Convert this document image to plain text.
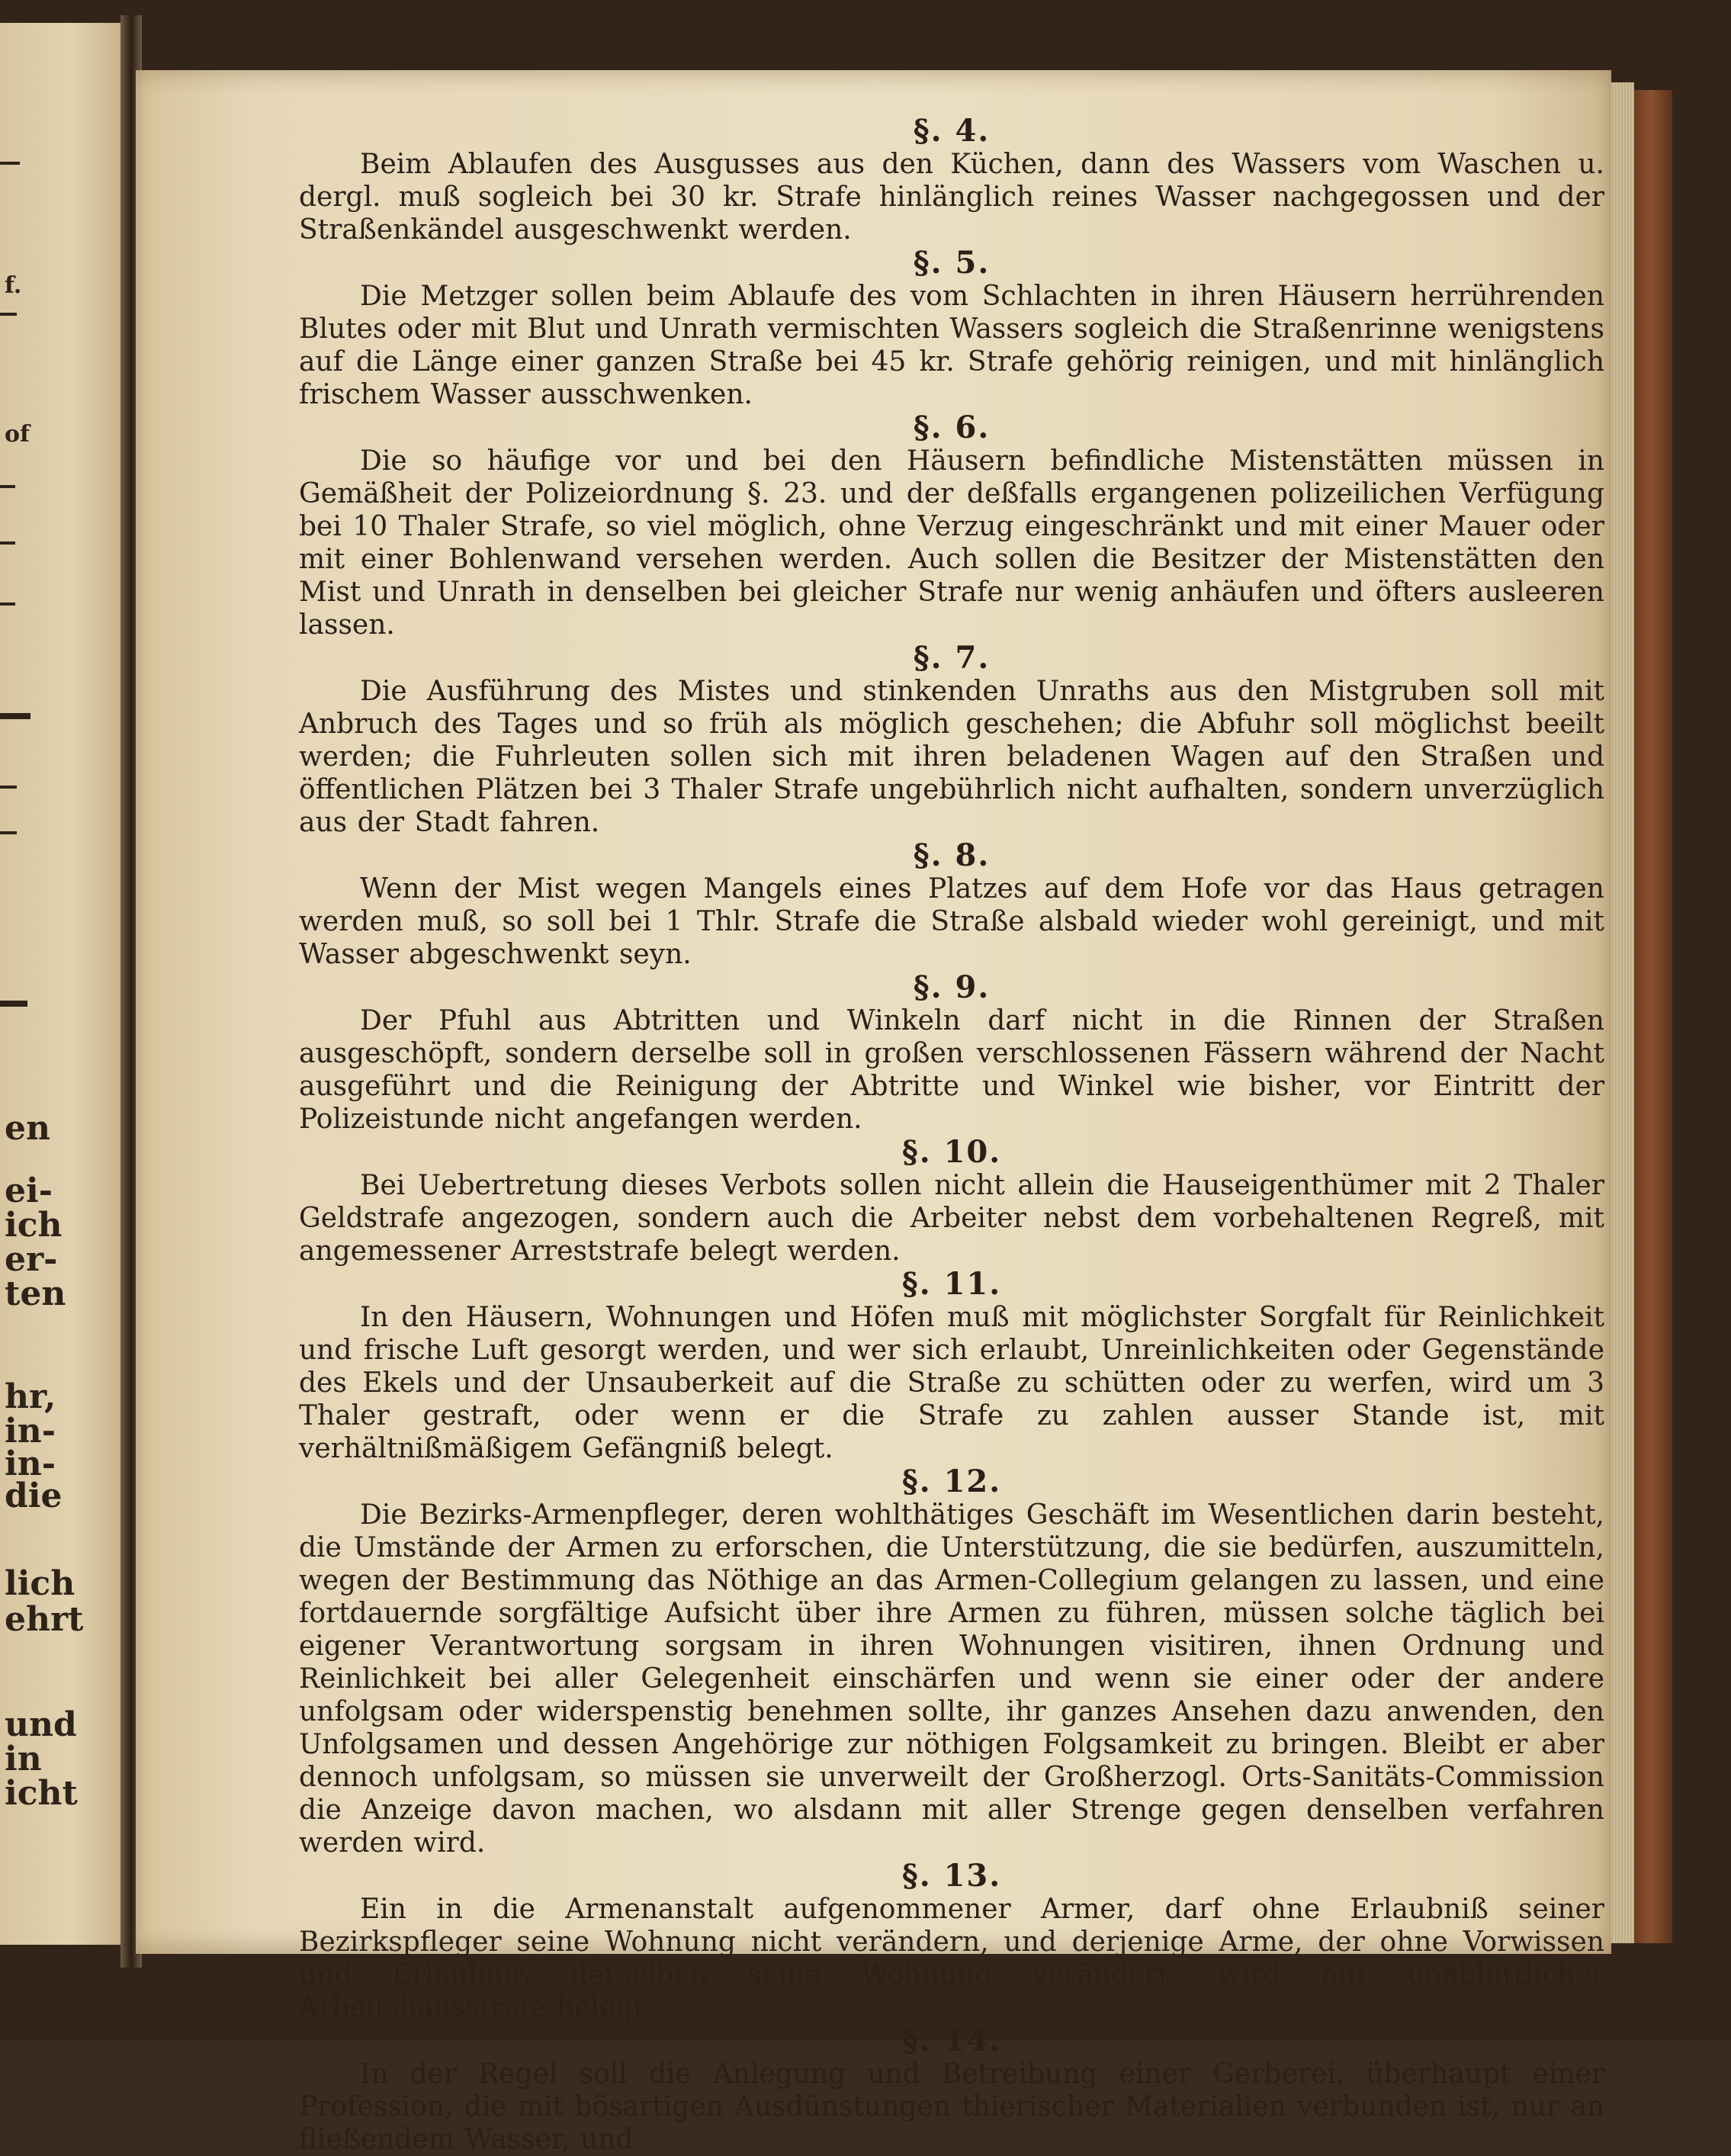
f.
of
en
ei-
ich
er-
ten
hr,
in-
in-
die
lich
ehrt
und
in
icht
§. 4.

Beim Ablaufen des Ausgusses aus den Küchen, dann des Wassers vom Waschen u. dergl. muß sogleich bei 30 kr. Strafe hinlänglich reines Wasser nachgegossen und der Straßenkändel ausgeschwenkt werden.

§. 5.

Die Metzger sollen beim Ablaufe des vom Schlachten in ihren Häusern herrührenden Blutes oder mit Blut und Unrath vermischten Wassers sogleich die Straßenrinne wenigstens auf die Länge einer ganzen Straße bei 45 kr. Strafe gehörig reinigen, und mit hinlänglich frischem Wasser ausschwenken.

§. 6.

Die so häufige vor und bei den Häusern befindliche Mistenstätten müssen in Gemäßheit der Polizeiordnung §. 23. und der deßfalls ergangenen polizeilichen Verfügung bei 10 Thaler Strafe, so viel möglich, ohne Verzug eingeschränkt und mit einer Mauer oder mit einer Bohlenwand versehen werden. Auch sollen die Besitzer der Mistenstätten den Mist und Unrath in denselben bei gleicher Strafe nur wenig anhäufen und öfters ausleeren lassen.

§. 7.

Die Ausführung des Mistes und stinkenden Unraths aus den Mistgruben soll mit Anbruch des Tages und so früh als möglich geschehen; die Abfuhr soll möglichst beeilt werden; die Fuhrleuten sollen sich mit ihren beladenen Wagen auf den Straßen und öffentlichen Plätzen bei 3 Thaler Strafe ungebührlich nicht aufhalten, sondern unverzüglich aus der Stadt fahren.

§. 8.

Wenn der Mist wegen Mangels eines Platzes auf dem Hofe vor das Haus getragen werden muß, so soll bei 1 Thlr. Strafe die Straße alsbald wieder wohl gereinigt, und mit Wasser abgeschwenkt seyn.

§. 9.

Der Pfuhl aus Abtritten und Winkeln darf nicht in die Rinnen der Straßen ausgeschöpft, sondern derselbe soll in großen verschlossenen Fässern während der Nacht ausgeführt und die Reinigung der Abtritte und Winkel wie bisher, vor Eintritt der Polizeistunde nicht angefangen werden.

§. 10.

Bei Uebertretung dieses Verbots sollen nicht allein die Hauseigenthümer mit 2 Thaler Geldstrafe angezogen, sondern auch die Arbeiter nebst dem vorbehaltenen Regreß, mit angemessener Arreststrafe belegt werden.

§. 11.

In den Häusern, Wohnungen und Höfen muß mit möglichster Sorgfalt für Reinlichkeit und frische Luft gesorgt werden, und wer sich erlaubt, Unreinlichkeiten oder Gegenstände des Ekels und der Unsauberkeit auf die Straße zu schütten oder zu werfen, wird um 3 Thaler gestraft, oder wenn er die Strafe zu zahlen ausser Stande ist, mit verhältnißmäßigem Gefängniß belegt.

§. 12.

Die Bezirks-Armenpfleger, deren wohlthätiges Geschäft im Wesentlichen darin besteht, die Umstände der Armen zu erforschen, die Unterstützung, die sie bedürfen, auszumitteln, wegen der Bestimmung das Nöthige an das Armen-Collegium gelangen zu lassen, und eine fortdauernde sorgfältige Aufsicht über ihre Armen zu führen, müssen solche täglich bei eigener Verantwortung sorgsam in ihren Wohnungen visitiren, ihnen Ordnung und Reinlichkeit bei aller Gelegenheit einschärfen und wenn sie einer oder der andere unfolgsam oder widerspenstig benehmen sollte, ihr ganzes Ansehen dazu anwenden, den Unfolgsamen und dessen Angehörige zur nöthigen Folgsamkeit zu bringen. Bleibt er aber dennoch unfolgsam, so müssen sie unverweilt der Großherzogl. Orts-Sanitäts-Commission die Anzeige davon machen, wo alsdann mit aller Strenge gegen denselben verfahren werden wird.

§. 13.

Ein in die Armenanstalt aufgenommener Armer, darf ohne Erlaubniß seiner Bezirkspfleger seine Wohnung nicht verändern, und derjenige Arme, der ohne Vorwissen und Erlaubniß derselben seine Wohnung verändert, wird mit unabbittlicher Arbeitshausstrafe belegt.

§. 14.

In der Regel soll die Anlegung und Betreibung einer Gerberei, überhaupt einer Profession, die mit bösartigen Ausdünstungen thierischer Materialien verbunden ist, nur an fließendem Wasser, und
